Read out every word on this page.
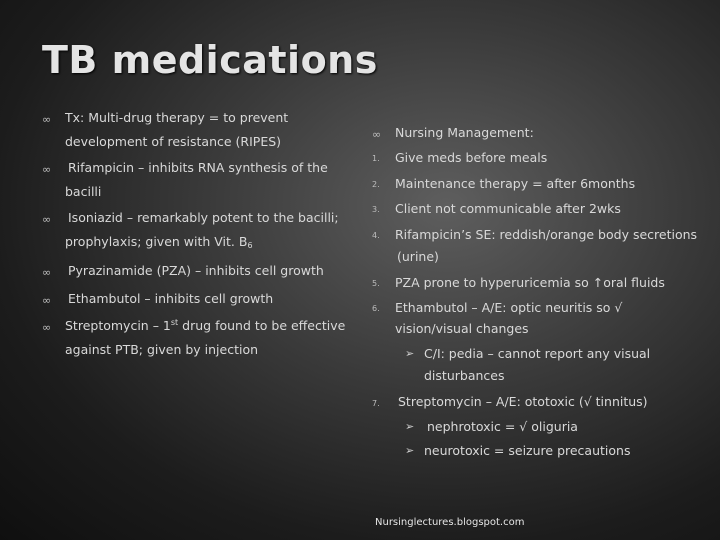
TB medications
∞ Tx: Multi-drug therapy = to prevent
development of resistance (RIPES)
∞ Rifampicin – inhibits RNA synthesis of the
bacilli
∞ Isoniazid – remarkably potent to the bacilli;
prophylaxis; given with Vit. $B_6$
∞ Pyrazinamide (PZA) – inhibits cell growth
∞ Ethambutol – inhibits cell growth
∞ Streptomycin – 1st drug found to be effective
against PTB; given by injection
∞ Nursing Management:
1. Give meds before meals
2. Maintenance therapy = after 6months
3. Client not communicable after 2wks
4. Rifampicin’s SE: reddish/orange body secretions
(urine)
5. PZA prone to hyperuricemia so ↑oral fluids
6. Ethambutol – A/E: optic neuritis so √
vision/visual changes
➢ C/I: pedia – cannot report any visual
disturbances
7. Streptomycin – A/E: ototoxic (√ tinnitus)
➢ nephrotoxic = √ oliguria
➢ neurotoxic = seizure precautions
Nursinglectures.blogspot.com
